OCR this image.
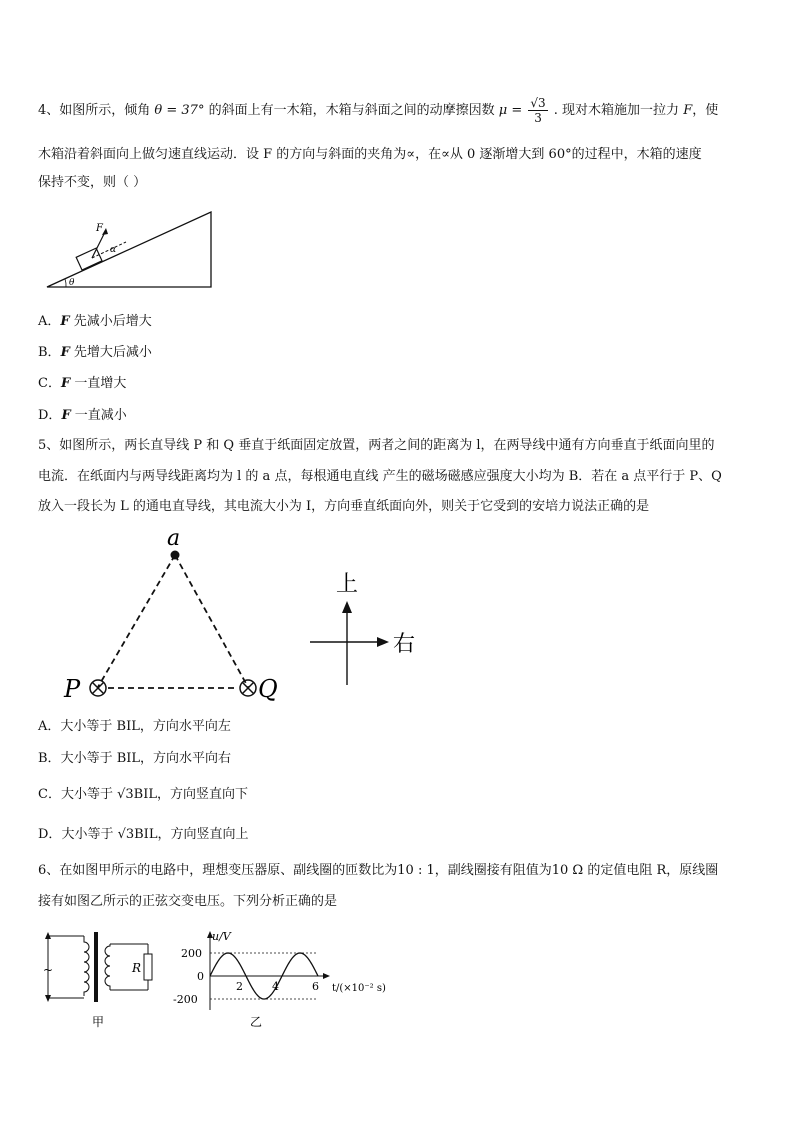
4、如图所示，倾角 θ = 37° 的斜面上有一木箱，木箱与斜面之间的动摩擦因数 $\mu = \frac{√3}{3}$ . 现对木箱施加一拉力 F，使
木箱沿着斜面向上做匀速直线运动．设 F 的方向与斜面的夹角为∝，在∝从 0 逐渐增大到 60°的过程中，木箱的速度
保持不变，则（ ）
F
α
θ
A．F 先减小后增大
B．F 先增大后减小
C．F 一直增大
D．F 一直减小
5、如图所示，两长直导线 P 和 Q 垂直于纸面固定放置，两者之间的距离为 l，在两导线中通有方向垂直于纸面向里的
电流．在纸面内与两导线距离均为 l 的 a 点，每根通电直线 产生的磁场磁感应强度大小均为 B．若在 a 点平行于 P、Q
放入一段长为 L 的通电直导线，其电流大小为 I，方向垂直纸面向外，则关于它受到的安培力说法正确的是
a
P	Q
上
右
A．大小等于 BIL，方向水平向左
B．大小等于 BIL，方向水平向右
C．大小等于 √3BIL，方向竖直向下
D．大小等于 √3BIL，方向竖直向上
6、在如图甲所示的电路中，理想变压器原、副线圈的匝数比为10 : 1，副线圈接有阻值为10 Ω 的定值电阻 R，原线圈
接有如图乙所示的正弦交变电压。下列分析正确的是
~	R
甲
u/V
200
0
-200
2	4	6 t/(×10⁻² s)
乙
